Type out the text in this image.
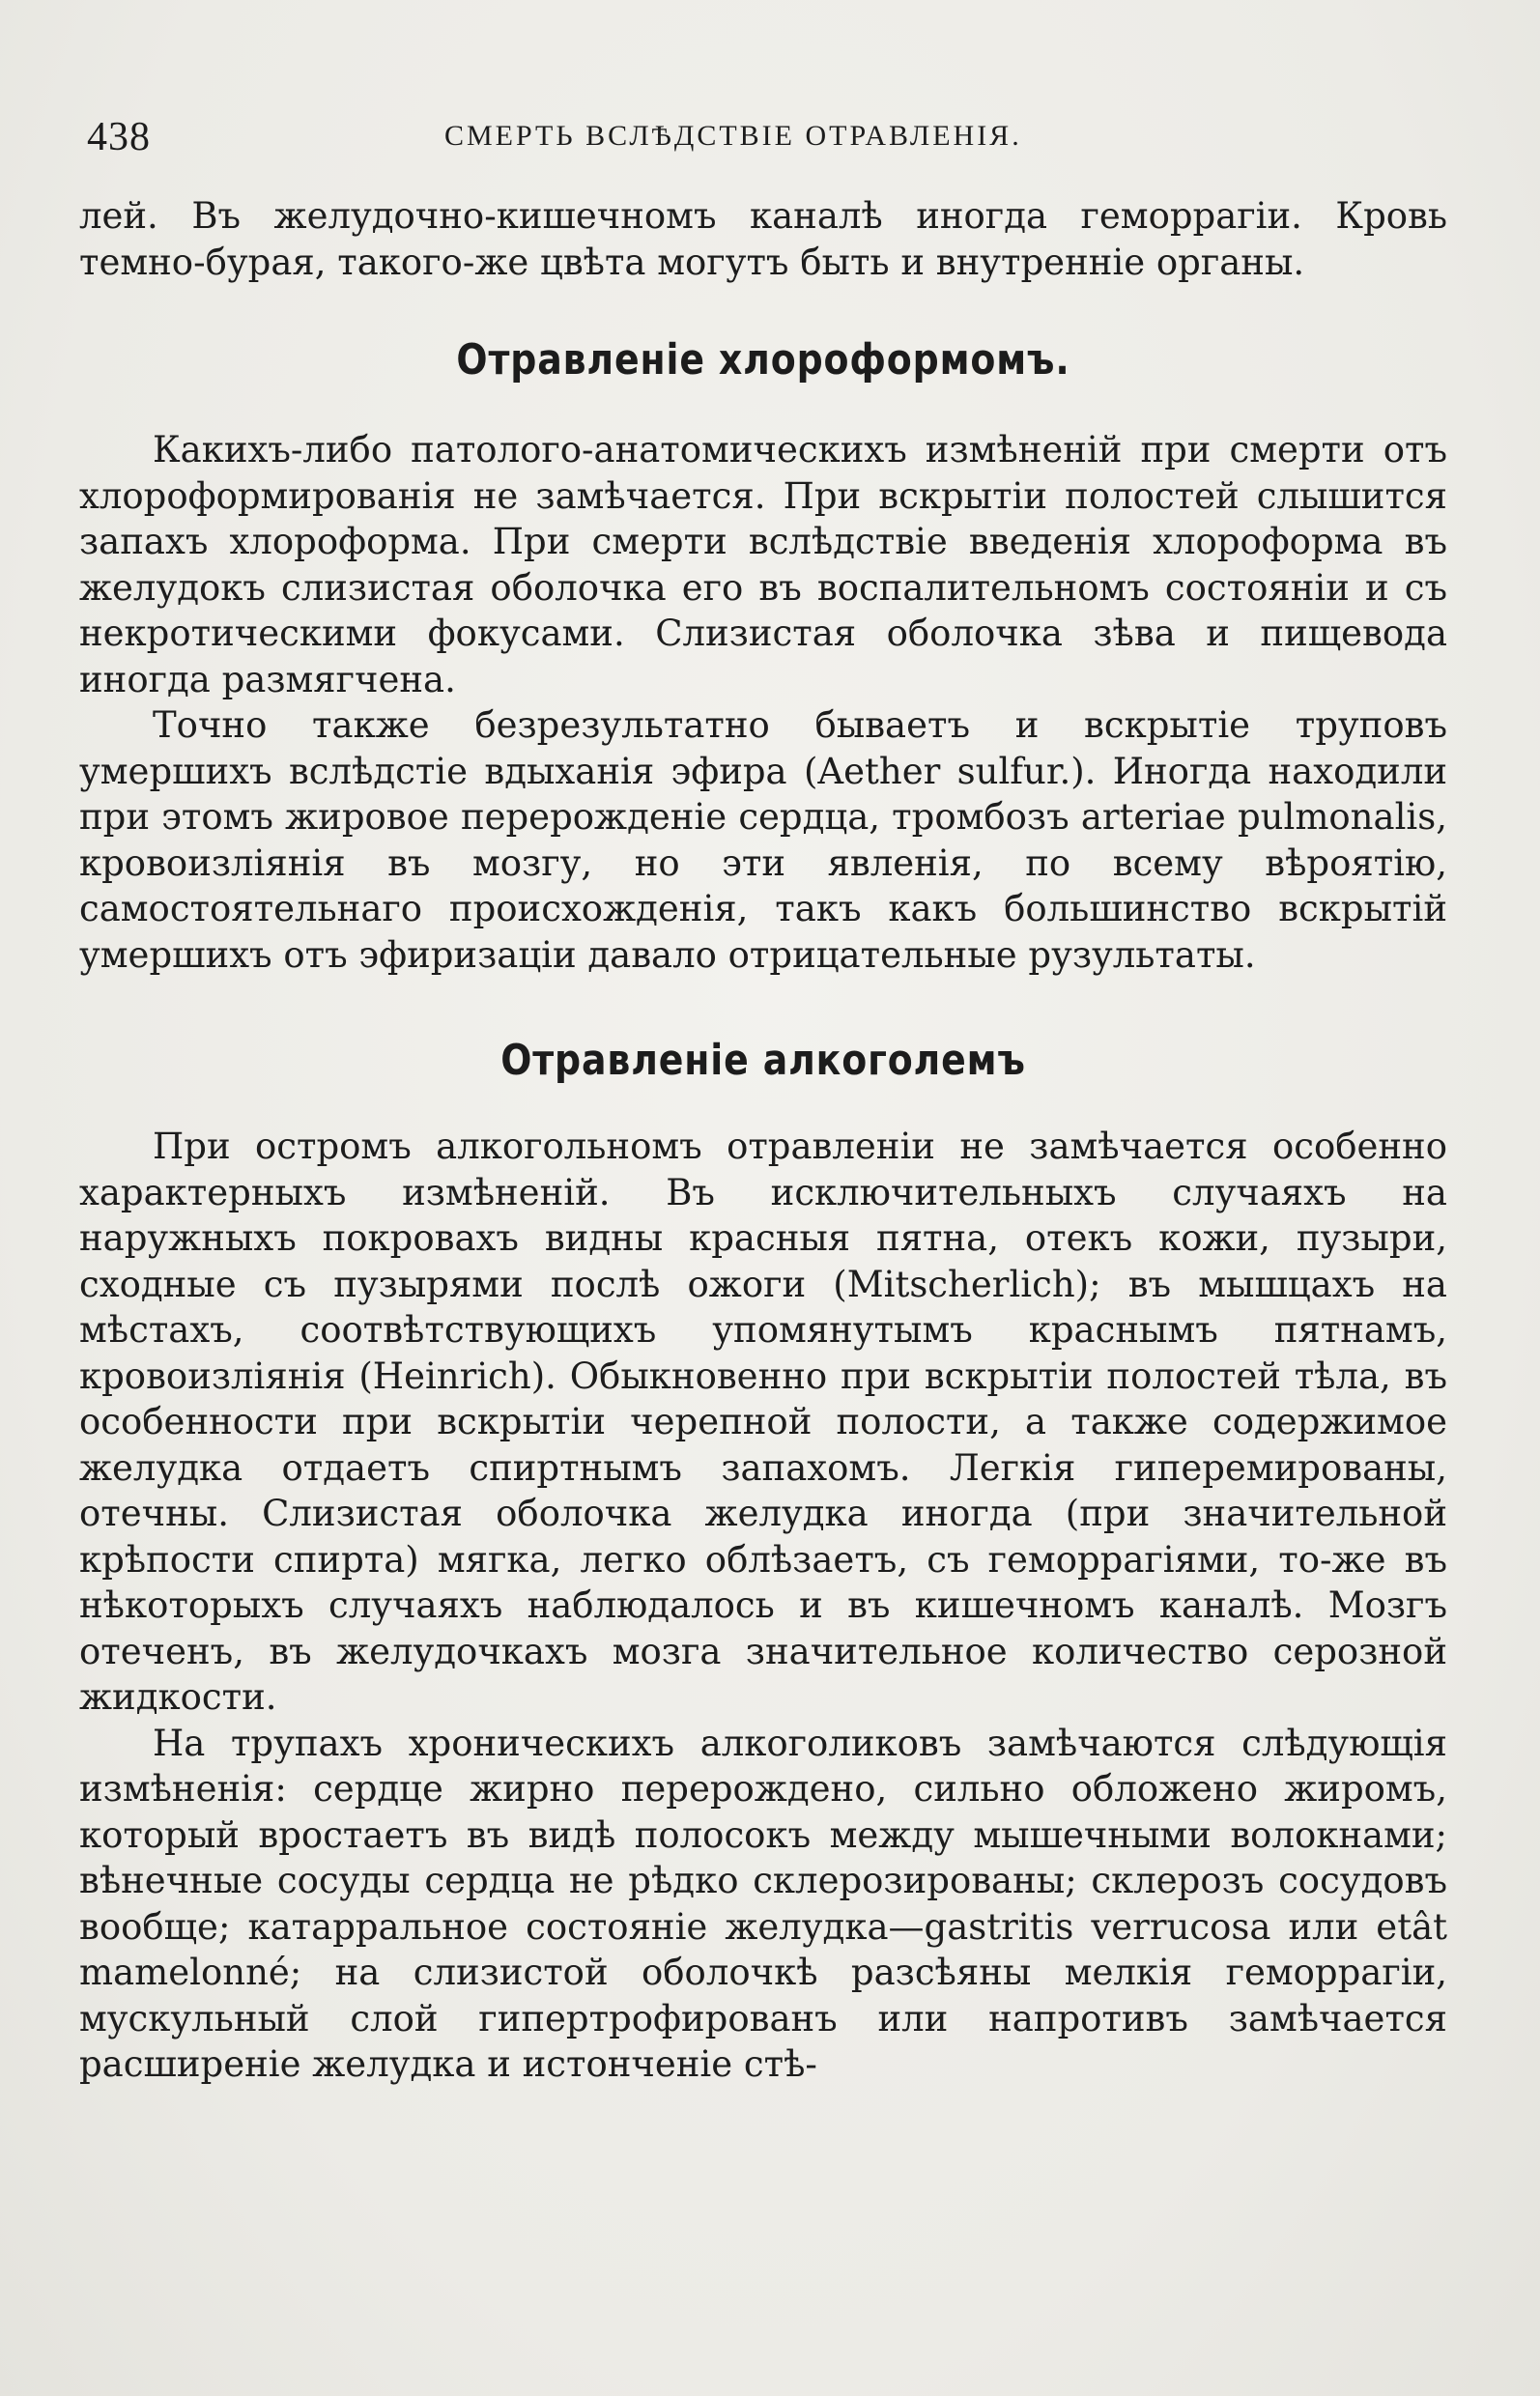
438	СМЕРТЬ ВСЛѢДСТВІЕ ОТРАВЛЕНІЯ.

лей. Въ желудочно-кишечномъ каналѣ иногда геморрагіи. Кровь темно-бурая, такого-же цвѣта могутъ быть и внутренніе органы.

Отравленіе хлороформомъ.

Какихъ-либо патолого-анатомическихъ измѣненій при смерти отъ хлороформированія не замѣчается. При вскрытіи полостей слышится запахъ хлороформа. При смерти вслѣдствіе введенія хлороформа въ желудокъ слизистая оболочка его въ воспалительномъ состояніи и съ некротическими фокусами. Слизистая оболочка зѣва и пищевода иногда размягчена.

Точно также безрезультатно бываетъ и вскрытіе труповъ умершихъ вслѣдстіе вдыханія эфира (Aether sulfur.). Иногда находили при этомъ жировое перерожденіе сердца, тромбозъ arteriae pulmonalis, кровоизліянія въ мозгу, но эти явленія, по всему вѣроятію, самостоятельнаго происхожденія, такъ какъ большинство вскрытій умершихъ отъ эфиризаціи давало отрицательные рузультаты.

Отравленіе алкоголемъ

При остромъ алкогольномъ отравленіи не замѣчается особенно характерныхъ измѣненій. Въ исключительныхъ случаяхъ на наружныхъ покровахъ видны красныя пятна, отекъ кожи, пузыри, сходные съ пузырями послѣ ожоги (Mitscherlich); въ мышцахъ на мѣстахъ, соотвѣтствующихъ упомянутымъ краснымъ пятнамъ, кровоизліянія (Heinrich). Обыкновенно при вскрытіи полостей тѣла, въ особенности при вскрытіи черепной полости, а также содержимое желудка отдаетъ спиртнымъ запахомъ. Легкія гиперемированы, отечны. Слизистая оболочка желудка иногда (при значительной крѣпости спирта) мягка, легко облѣзаетъ, съ геморрагіями, то-же въ нѣкоторыхъ случаяхъ наблюдалось и въ кишечномъ каналѣ. Мозгъ отеченъ, въ желудочкахъ мозга значительное количество серозной жидкости.

На трупахъ хроническихъ алкоголиковъ замѣчаются слѣдующія измѣненія: сердце жирно перерождено, сильно обложено жиромъ, который вростаетъ въ видѣ полосокъ между мышечными волокнами; вѣнечные сосуды сердца не рѣдко склерозированы; склерозъ сосудовъ вообще; катарральное состояніе желудка—gastritis verrucosa или etât mamelonné; на слизистой оболочкѣ разсѣяны мелкія геморрагіи, мускульный слой гипертрофированъ или напротивъ замѣчается расширеніе желудка и истонченіе стѣ-
